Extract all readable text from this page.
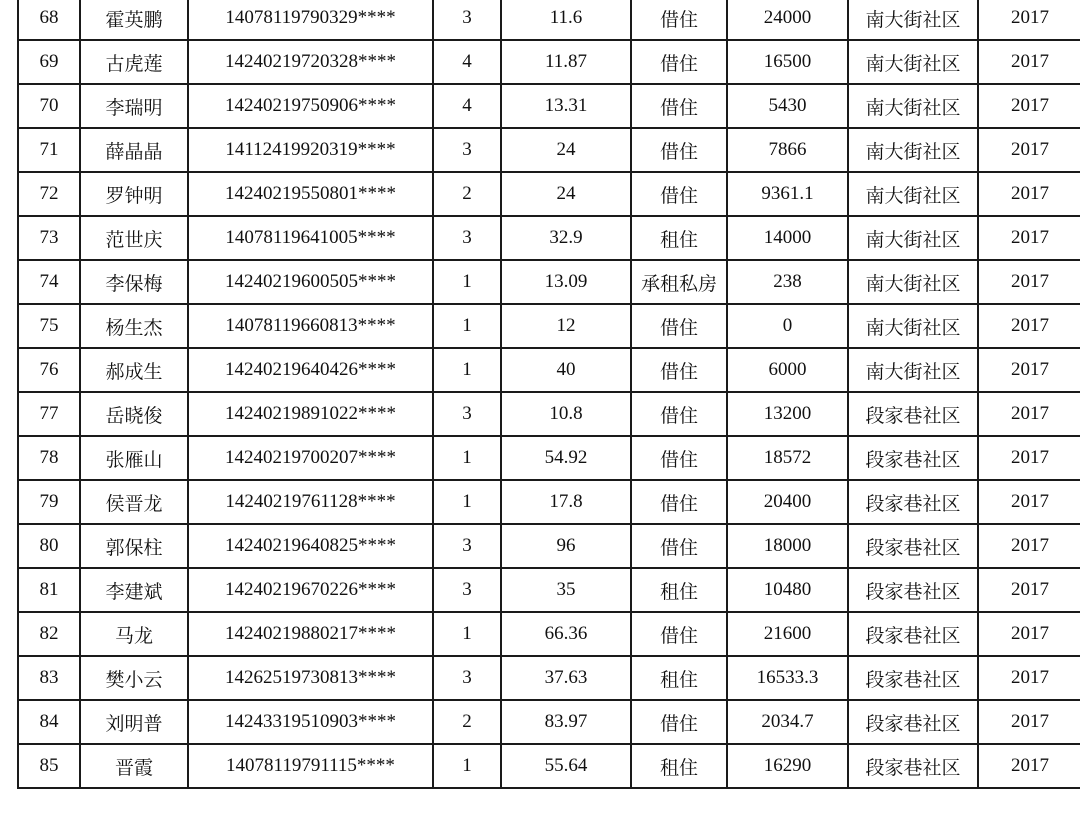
68	霍英鹏	14078119790329****	3	11.6	借住	24000	南大街社区	2017
69	古虎莲	14240219720328****	4	11.87	借住	16500	南大街社区	2017
70	李瑞明	14240219750906****	4	13.31	借住	5430	南大街社区	2017
71	薛晶晶	14112419920319****	3	24	借住	7866	南大街社区	2017
72	罗钟明	14240219550801****	2	24	借住	9361.1	南大街社区	2017
73	范世庆	14078119641005****	3	32.9	租住	14000	南大街社区	2017
74	李保梅	14240219600505****	1	13.09	承租私房	238	南大街社区	2017
75	杨生杰	14078119660813****	1	12	借住	0	南大街社区	2017
76	郝成生	14240219640426****	1	40	借住	6000	南大街社区	2017
77	岳晓俊	14240219891022****	3	10.8	借住	13200	段家巷社区	2017
78	张雁山	14240219700207****	1	54.92	借住	18572	段家巷社区	2017
79	侯晋龙	14240219761128****	1	17.8	借住	20400	段家巷社区	2017
80	郭保柱	14240219640825****	3	96	借住	18000	段家巷社区	2017
81	李建斌	14240219670226****	3	35	租住	10480	段家巷社区	2017
82	马龙	14240219880217****	1	66.36	借住	21600	段家巷社区	2017
83	樊小云	14262519730813****	3	37.63	租住	16533.3	段家巷社区	2017
84	刘明普	14243319510903****	2	83.97	借住	2034.7	段家巷社区	2017
85	晋霞	14078119791115****	1	55.64	租住	16290	段家巷社区	2017
